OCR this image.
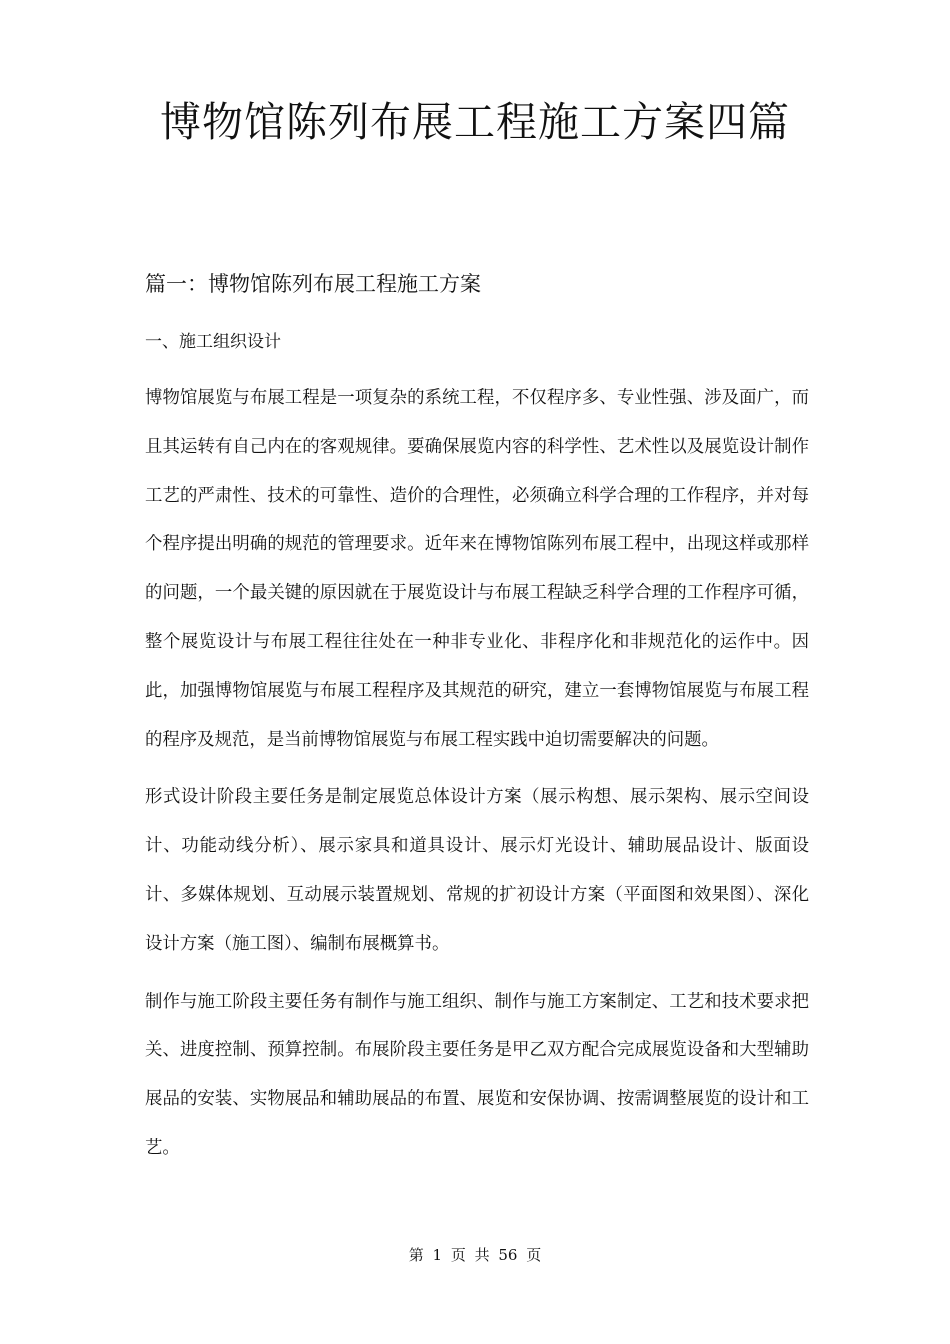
博物馆陈列布展工程施工方案四篇
篇一：博物馆陈列布展工程施工方案
一、施工组织设计

博物馆展览与布展工程是一项复杂的系统工程，不仅程序多、专业性强、涉及面广，而且其运转有自己内在的客观规律。要确保展览内容的科学性、艺术性以及展览设计制作工艺的严肃性、技术的可靠性、造价的合理性，必须确立科学合理的工作程序，并对每个程序提出明确的规范的管理要求。近年来在博物馆陈列布展工程中，出现这样或那样的问题，一个最关键的原因就在于展览设计与布展工程缺乏科学合理的工作程序可循，整个展览设计与布展工程往往处在一种非专业化、非程序化和非规范化的运作中。因此，加强博物馆展览与布展工程程序及其规范的研究，建立一套博物馆展览与布展工程的程序及规范，是当前博物馆展览与布展工程实践中迫切需要解决的问题。

形式设计阶段主要任务是制定展览总体设计方案（展示构想、展示架构、展示空间设计、功能动线分析）、展示家具和道具设计、展示灯光设计、辅助展品设计、版面设计、多媒体规划、互动展示装置规划、常规的扩初设计方案（平面图和效果图）、深化设计方案（施工图）、编制布展概算书。

制作与施工阶段主要任务有制作与施工组织、制作与施工方案制定、工艺和技术要求把关、进度控制、预算控制。布展阶段主要任务是甲乙双方配合完成展览设备和大型辅助展品的安装、实物展品和辅助展品的布置、展览和安保协调、按需调整展览的设计和工艺。

第 1 页 共 56 页
